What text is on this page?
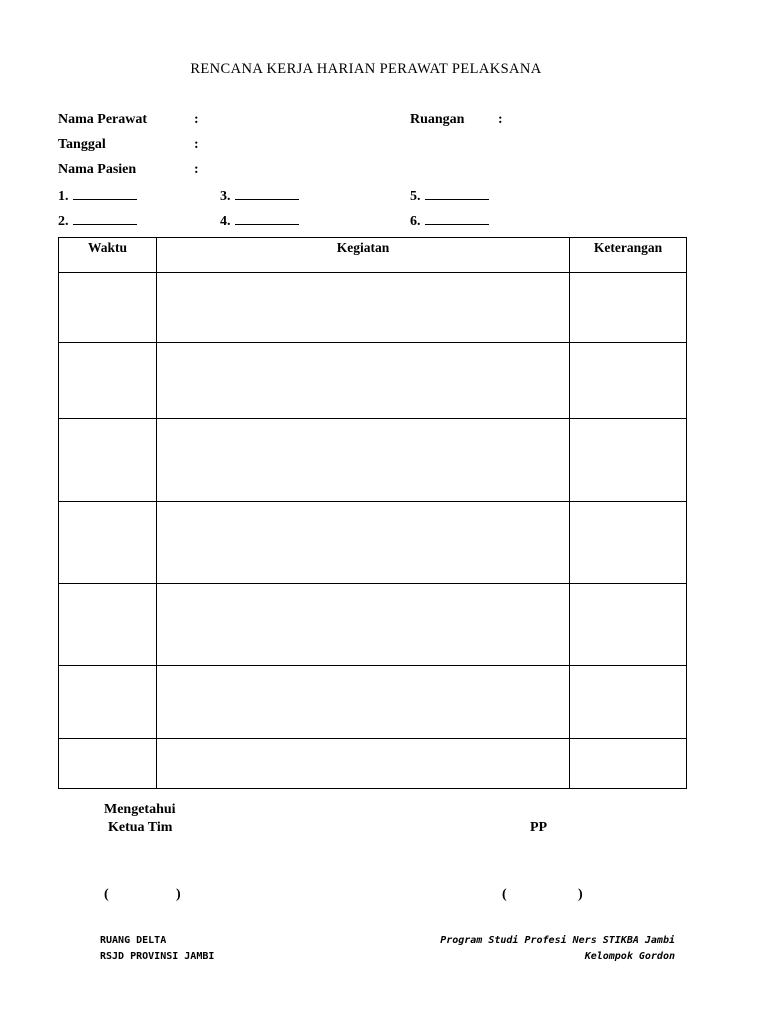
RENCANA KERJA HARIAN PERAWAT PELAKSANA
Nama Perawat	:	Ruangan :
Tanggal	:
Nama Pasien	:
1.	3.	5.
2.	4.	6.
Waktu	Kegiatan	Keterangan

Mengetahui
Ketua Tim	PP
(	)	(	)
RUANG DELTA
RSJD PROVINSI JAMBI
Program Studi Profesi Ners STIKBA Jambi
Kelompok Gordon
